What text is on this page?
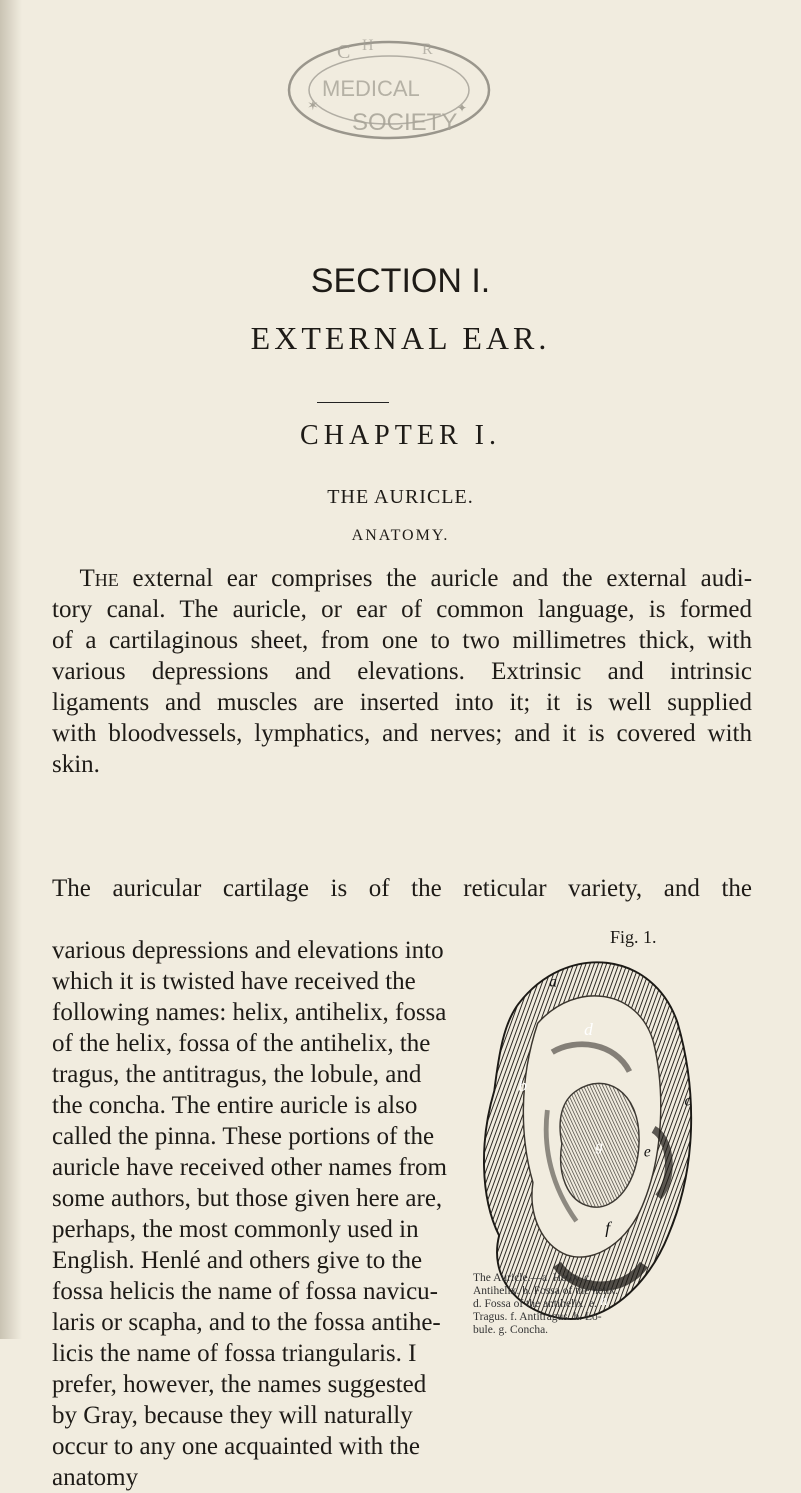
C H	R
MEDICAL
SOCIETY
✶	✦
SECTION I.
EXTERNAL EAR.
CHAPTER I.
THE AURICLE.
ANATOMY.
The external ear comprises the auricle and the external audi-
tory canal. The auricle, or ear of common language, is formed
of a cartilaginous sheet, from one to two millimetres thick, with
various depressions and elevations. Extrinsic and intrinsic
ligaments and muscles are inserted into it; it is well supplied
with bloodvessels, lymphatics, and nerves; and it is covered with
skin.
The auricular cartilage is of the reticular variety, and the
various depressions and elevations into which it is twisted have received the following names: helix, antihelix, fossa of the helix, fossa of the antihelix, the tragus, the antitragus, the lobule, and the concha. The entire auricle is also called the pinna. These portions of the auricle have received other names from some authors, but those given here are, perhaps, the most commonly used in English. Henlé and others give to the fossa helicis the name of fossa navicu- laris or scapha, and to the fossa antihe- licis the name of fossa triangularis. I prefer, however, the names suggested by Gray, because they will naturally occur to any one acquainted with the anatomy
Fig. 1.
a
b
c
d
e
f
g
h
The Auricle.—a. Helix. c.
Antihelix. b. Fossa of the helix.
d. Fossa of the antihelix. e.
Tragus. f. Antitragus. h. Lo-
bule. g. Concha.
